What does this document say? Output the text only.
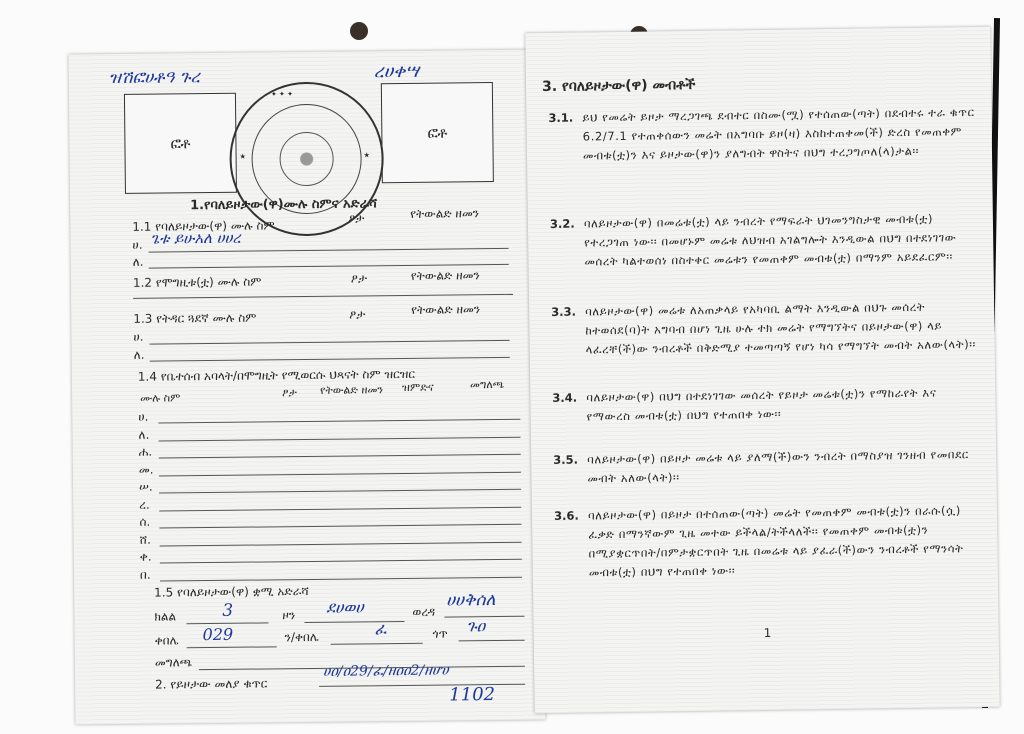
ዝሽፎሀቶዓ ጉረ	ረሀቀሣ
ፎቶ
ፎቶ
✦ ✦ ✦
★	★
1.የባለይዞታው(ዋ)ሙሉ ስምና አድራሻ
1.1 የባለይዞታው(ዋ) ሙሉ ስም	ፆታ	የትውልድ ዘመን
ሀ. ጌቱ ይሁአለ ሀሀረ
ለ.
1.2 የሞግዚቱ(ቷ) ሙሉ ስም	ፆታ	የትውልድ ዘመን
1.3 የትዳር ጓደኛ ሙሉ ስም	ፆታ	የትውልድ ዘመን
ሀ.
ለ.
1.4 የቤተሰብ አባላት/በሞግዚት የሚወርሱ ህጻናት ስም ዝርዝር
ሙሉ ስም	ፆታ የትውልድ ዘመን ዝምድና	መግለጫ
ሀ.
ለ.
ሐ.
መ.
ሠ.
ረ.
ሰ.
ሸ.
ቀ.
በ.
1.5 የባለይዞታው(ዋ) ቋሚ አድራሻ
ክልል	3	ዞን ደሀወሀ	ወረዳ
ሀሀቅሰለ
ቀበሌ 029	ን/ቀበሌ	ፈ	ጎጥ ጉዐ
መግለጫ
2. የይዞታው መለያ ቁጥር
ሀዐ/ዐ29/ፈ/ዘዐዐ2/ዘሆሀ
1102
3. የባለይዞታው(ዋ) መብቶች
3.1. ይህ የመሬት ይዞታ ማረጋገጫ ደብተር በስሙ(ሟ) የተሰጠው(ጣት) በደብተሩ ተራ ቁጥር 6.2/7.1 የተጠቀሰውን መሬት በአግባቡ ይዞ(ዛ) እስከተጠቀመ(ች) ድረስ የመጠቀም መብቱ(ቷ)ን እና ይዞታው(ዋ)ን ያለግብት ዋስትና በህግ ተረጋግጦለ(ላ)ታል፡፡
3.2. ባለይዞታው(ዋ) በመሬቱ(ቷ) ላይ ንብረት የማፍራት ህገመንግስታዊ መብቱ(ቷ) የተረጋገጠ ነው፡፡ በመሆኑም መሬቱ ለህዝብ አገልግሎት እንዲውል በህግ በተደነገገው መሰረት ካልተወሰነ በስተቀር መሬቱን የመጠቀም መብቱ(ቷ) በማንም አይደፈርም፡፡
3.3. ባለይዞታው(ዋ) መሬቱ ለአጠቃላይ የአካባቢ ልማት እንዲውል በህጉ መሰረት ከተወሰደ(ባ)ት አግባብ በሆነ ጊዜ ሁሉ ተክ መሬት የማግኘትና በይዞታው(ዋ) ላይ ላፈረቸ(ች)ው ንብረቶች በቅድሚያ ተመጣጣኝ የሆነ ካሳ የማግኘት መብት አለው(ላት)፡፡
3.4. ባለይዞታው(ዋ) በህግ በተደነገገው መሰረት የይዞታ መሬቱ(ቷ)ን የማከራየት እና የማውረስ መብቱ(ቷ) በህግ የተጠበቀ ነው፡፡
3.5. ባለይዞታው(ዋ) በይዞታ መሬቱ ላይ ያለማ(ች)ውን ንብረት በማስያዝ ገንዘብ የመበደር መብት አለው(ላት)፡፡
3.6. ባለይዞታው(ዋ) በይዞታ በተሰጠው(ጣት) መሬት የመጠቀም መብቱ(ቷ)ን በራሱ(ሷ) ፈቃድ በማንኛውም ጊዜ መተው ይችላል/ትችላለች፡፡ የመጠቀም መብቱ(ቷ)ን በሚያቋርጥበት/በምታቋርጥበት ጊዜ በመሬቱ ላይ ያፈራ(ች)ውን ንብረቶች የማንሳት መብቱ(ቷ) በህግ የተጠበቀ ነው፡፡
1
